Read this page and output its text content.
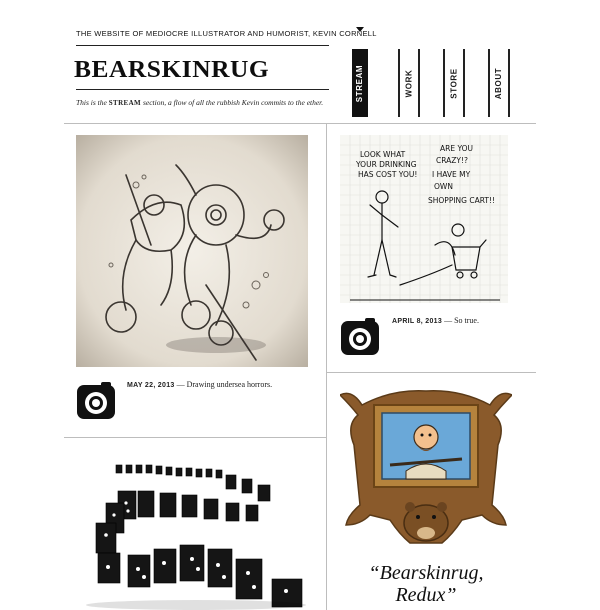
THE WEBSITE OF MEDIOCRE ILLUSTRATOR AND HUMORIST, KEVIN CORNELL
BEARSKINRUG
This is the STREAM section, a flow of all the rubbish Kevin commits to the ether.
STREAM	WORK	STORE	ABOUT
MAY 22, 2013 — Drawing undersea horrors.
LOOK WHAT
YOUR DRINKING
HAS COST YOU!
ARE YOU
CRAZY!?
I HAVE MY
OWN
SHOPPING CART!!
APRIL 8, 2013 — So true.
“Bearskinrug,
Redux”
